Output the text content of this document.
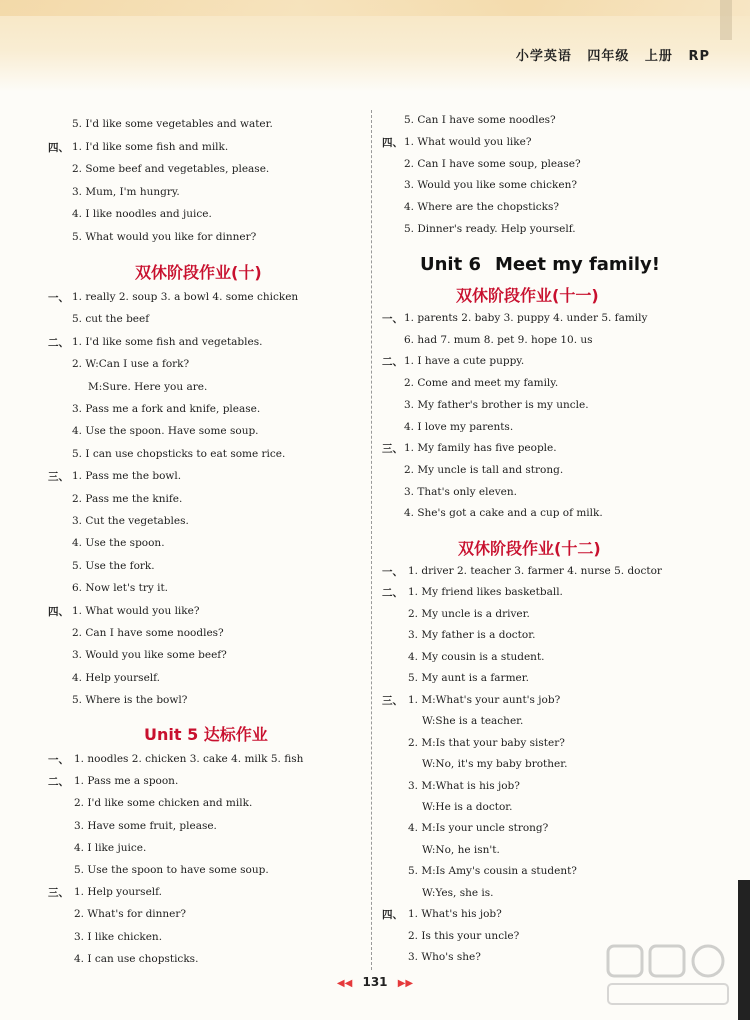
小学英语 四年级 上册 RP
5. I'd like some vegetables and water.
四、 1. I'd like some fish and milk.
2. Some beef and vegetables, please.
3. Mum, I'm hungry.
4. I like noodles and juice.
5. What would you like for dinner?
双休阶段作业(十)
一、 1. really 2. soup 3. a bowl 4. some chicken
5. cut the beef
二、 1. I'd like some fish and vegetables.
2. W:Can I use a fork?
M:Sure. Here you are.
3. Pass me a fork and knife, please.
4. Use the spoon. Have some soup.
5. I can use chopsticks to eat some rice.
三、 1. Pass me the bowl.
2. Pass me the knife.
3. Cut the vegetables.
4. Use the spoon.
5. Use the fork.
6. Now let's try it.
四、 1. What would you like?
2. Can I have some noodles?
3. Would you like some beef?
4. Help yourself.
5. Where is the bowl?
Unit 5 达标作业
一、 1. noodles 2. chicken 3. cake 4. milk 5. fish
二、 1. Pass me a spoon.
2. I'd like some chicken and milk.
3. Have some fruit, please.
4. I like juice.
5. Use the spoon to have some soup.
三、 1. Help yourself.
2. What's for dinner?
3. I like chicken.
4. I can use chopsticks.
5. Can I have some noodles?
四、 1. What would you like?
2. Can I have some soup, please?
3. Would you like some chicken?
4. Where are the chopsticks?
5. Dinner's ready. Help yourself.
Unit 6 Meet my family!
双休阶段作业(十一)
一、 1. parents 2. baby 3. puppy 4. under 5. family
6. had 7. mum 8. pet 9. hope 10. us
二、 1. I have a cute puppy.
2. Come and meet my family.
3. My father's brother is my uncle.
4. I love my parents.
三、 1. My family has five people.
2. My uncle is tall and strong.
3. That's only eleven.
4. She's got a cake and a cup of milk.
双休阶段作业(十二)
一、 1. driver 2. teacher 3. farmer 4. nurse 5. doctor
二、 1. My friend likes basketball.
2. My uncle is a driver.
3. My father is a doctor.
4. My cousin is a student.
5. My aunt is a farmer.
三、 1. M:What's your aunt's job?
W:She is a teacher.
2. M:Is that your baby sister?
W:No, it's my baby brother.
3. M:What is his job?
W:He is a doctor.
4. M:Is your uncle strong?
W:No, he isn't.
5. M:Is Amy's cousin a student?
W:Yes, she is.
四、 1. What's his job?
2. Is this your uncle?
3. Who's she?
◀◀ 131 ▶▶
